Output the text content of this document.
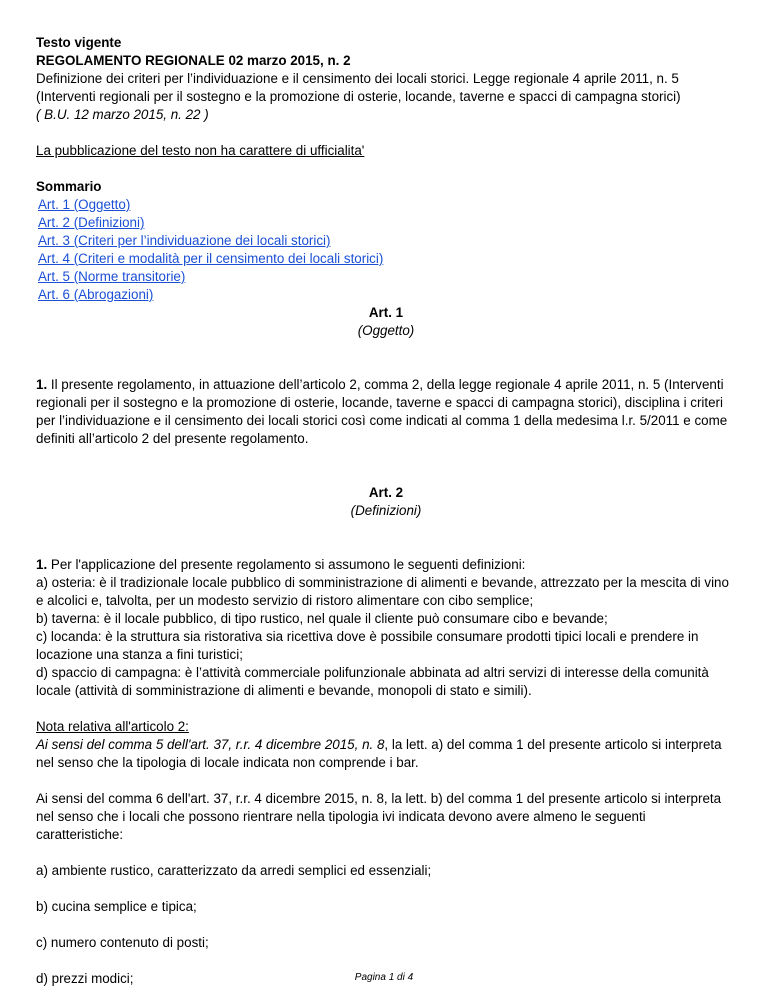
Testo vigente

REGOLAMENTO REGIONALE 02 marzo 2015, n. 2

Definizione dei criteri per l’individuazione e il censimento dei locali storici. Legge regionale 4 aprile 2011, n. 5 (Interventi regionali per il sostegno e la promozione di osterie, locande, taverne e spacci di campagna storici)

( B.U. 12 marzo 2015, n. 22 )

La pubblicazione del testo non ha carattere di ufficialita'

Sommario

Art. 1 (Oggetto)
Art. 2 (Definizioni)
Art. 3 (Criteri per l’individuazione dei locali storici)
Art. 4 (Criteri e modalità per il censimento dei locali storici)
Art. 5 (Norme transitorie)
Art. 6 (Abrogazioni)

Art. 1

(Oggetto)

1. Il presente regolamento, in attuazione dell’articolo 2, comma 2, della legge regionale 4 aprile 2011, n. 5 (Interventi regionali per il sostegno e la promozione di osterie, locande, taverne e spacci di campagna storici), disciplina i criteri per l’individuazione e il censimento dei locali storici così come indicati al comma 1 della medesima l.r. 5/2011 e come definiti all’articolo 2 del presente regolamento.

Art. 2

(Definizioni)

1. Per l'applicazione del presente regolamento si assumono le seguenti definizioni:

a) osteria: è il tradizionale locale pubblico di somministrazione di alimenti e bevande, attrezzato per la mescita di vino e alcolici e, talvolta, per un modesto servizio di ristoro alimentare con cibo semplice;

b) taverna: è il locale pubblico, di tipo rustico, nel quale il cliente può consumare cibo e bevande;

c) locanda: è la struttura sia ristorativa sia ricettiva dove è possibile consumare prodotti tipici locali e prendere in locazione una stanza a fini turistici;

d) spaccio di campagna: è l’attività commerciale polifunzionale abbinata ad altri servizi di interesse della comunità locale (attività di somministrazione di alimenti e bevande, monopoli di stato e simili).

Nota relativa all'articolo 2:

Ai sensi del comma 5 dell'art. 37, r.r. 4 dicembre 2015, n. 8, la lett. a) del comma 1 del presente articolo si interpreta nel senso che la tipologia di locale indicata non comprende i bar.

Ai sensi del comma 6 dell'art. 37, r.r. 4 dicembre 2015, n. 8, la lett. b) del comma 1 del presente articolo si interpreta nel senso che i locali che possono rientrare nella tipologia ivi indicata devono avere almeno le seguenti caratteristiche:

a) ambiente rustico, caratterizzato da arredi semplici ed essenziali;

b) cucina semplice e tipica;

c) numero contenuto di posti;

d) prezzi modici;	Pagina 1 di 4
